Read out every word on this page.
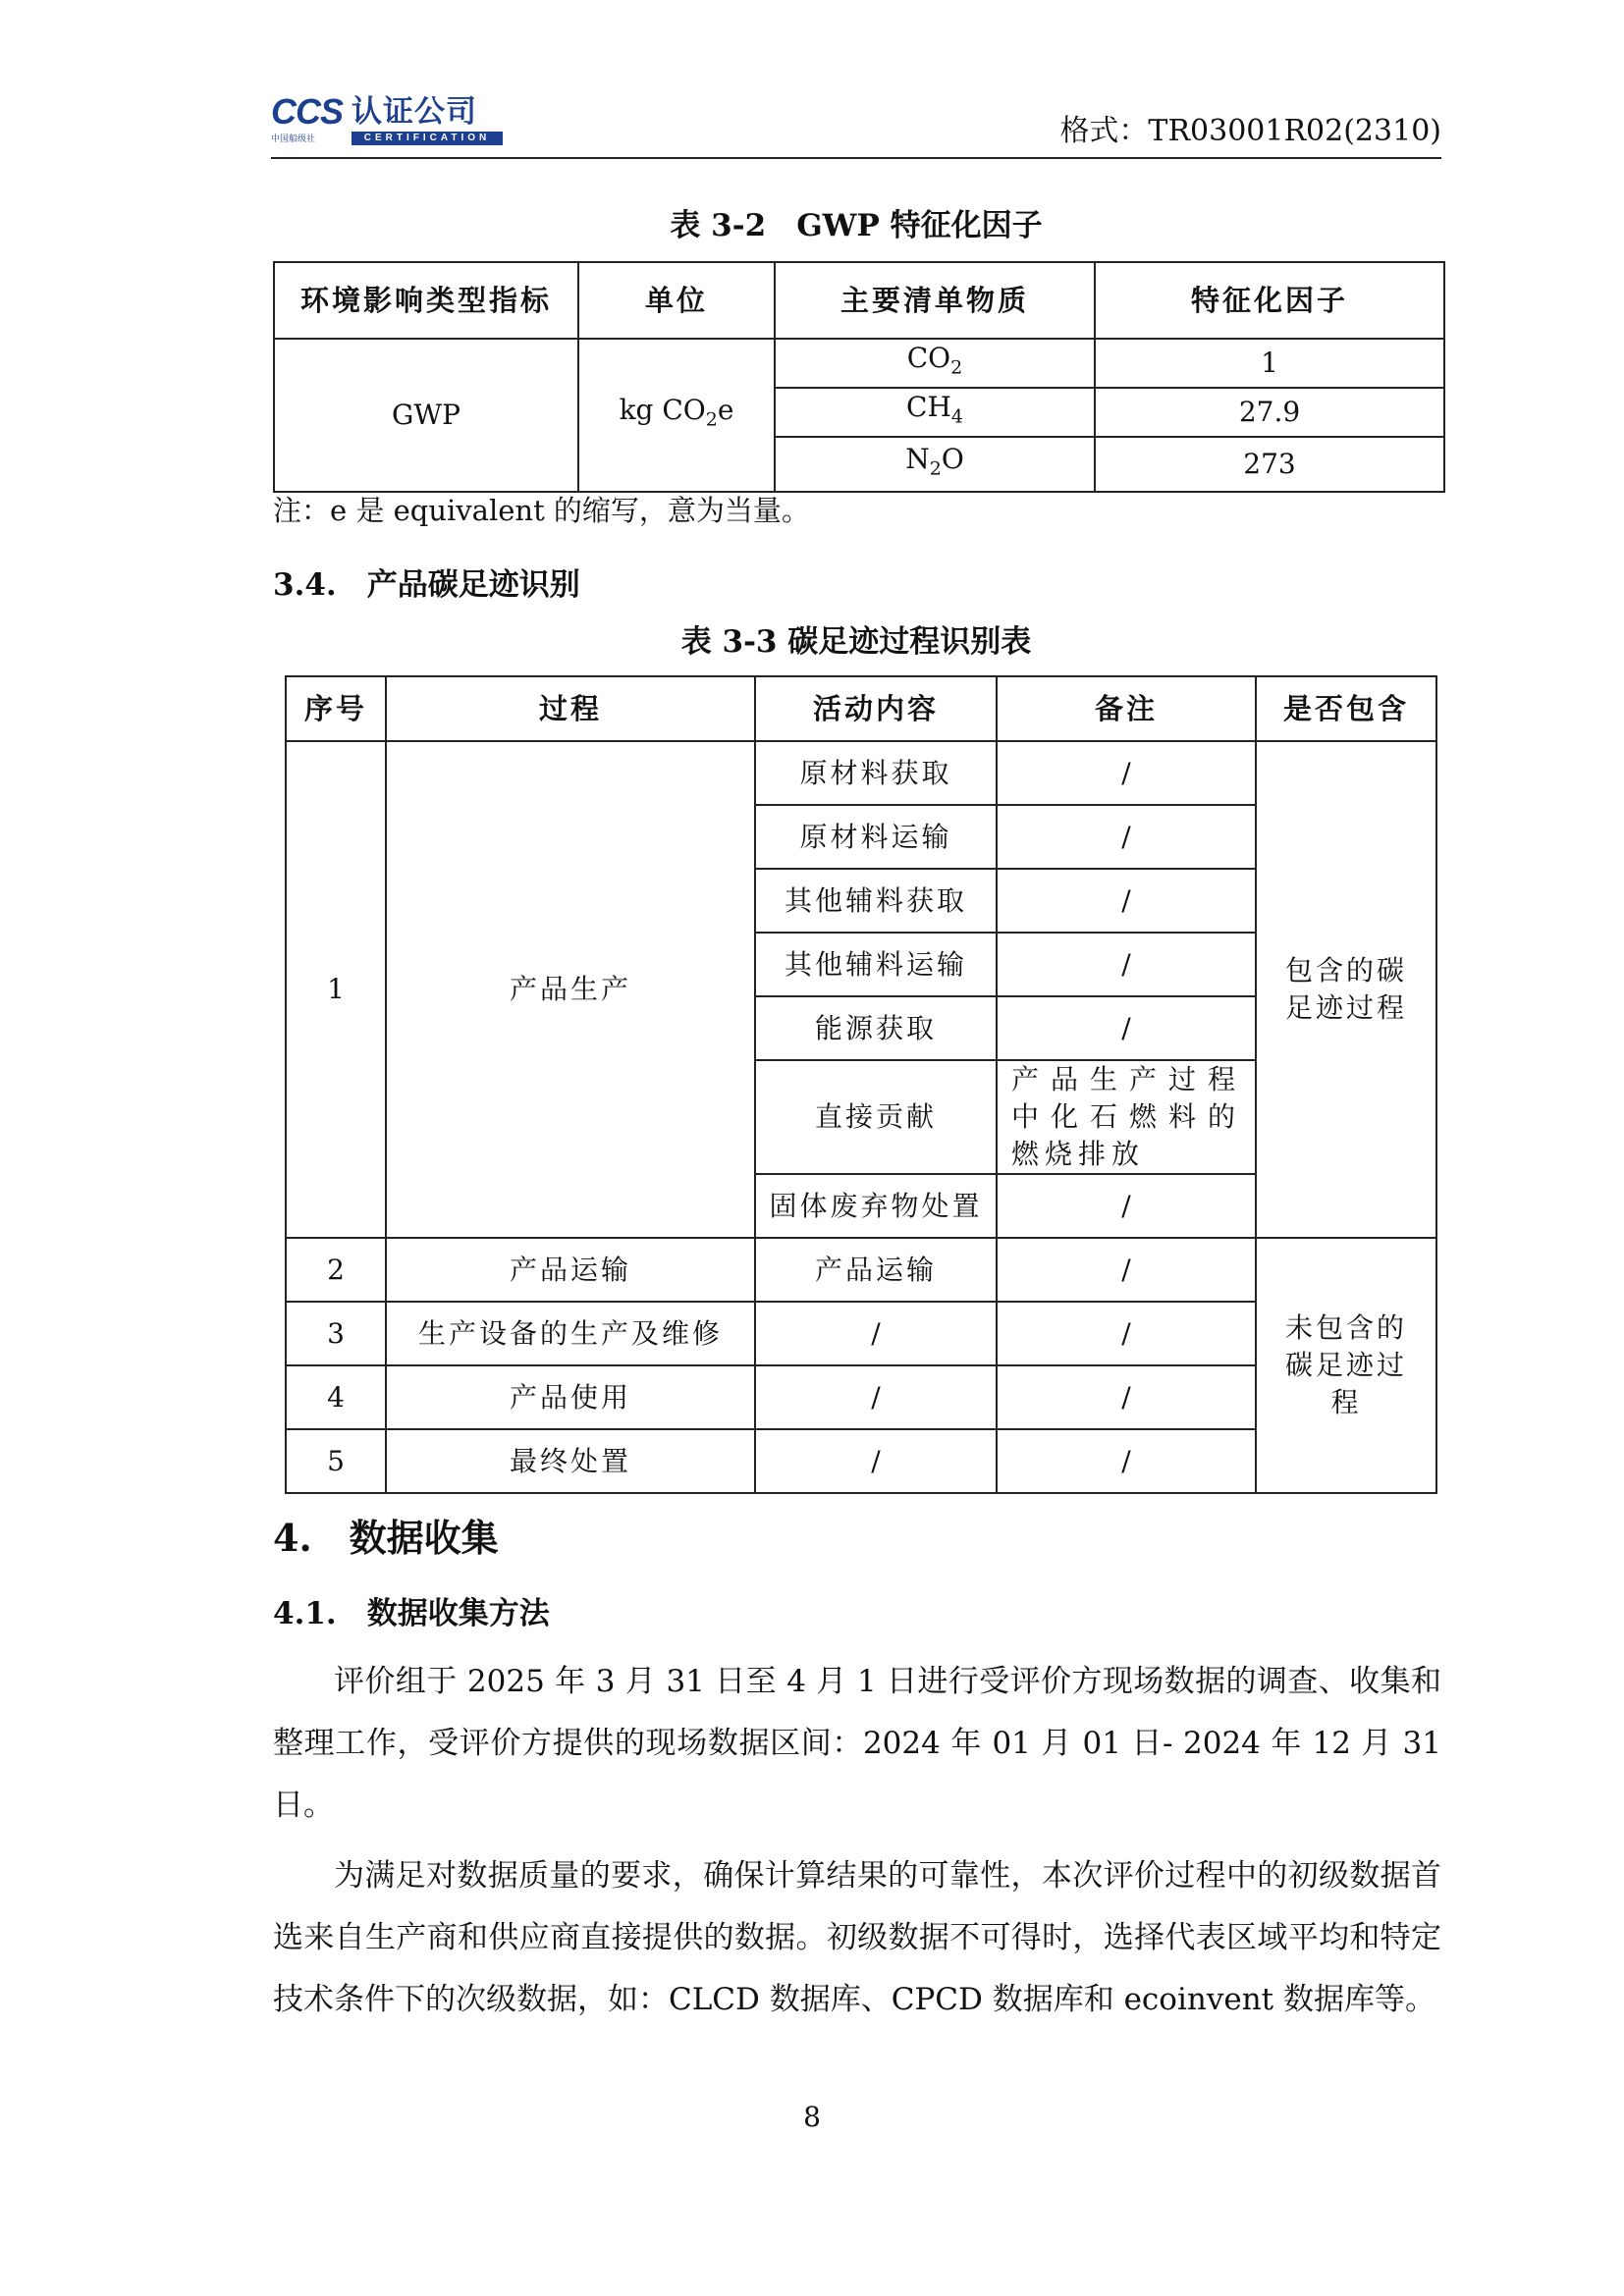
CCS 认证公司
中国船级社	CERTIFICATION	格式：TR03001R02(2310)
表 3-2　GWP 特征化因子
环境影响类型指标	单位	主要清单物质	特征化因子
GWP	kg $CO_2e$	$CO_2$	1
		$CH_4$	27.9
		$N_2O$	273
注：e 是 equivalent 的缩写，意为当量。
3.4.　产品碳足迹识别
表 3-3 碳足迹过程识别表
序号	过程	活动内容	备注	是否包含
1	产品生产	原材料获取	/	包含的碳足迹过程
		原材料运输	/	
		其他辅料获取	/	
		其他辅料运输	/	
		能源获取	/	
		直接贡献	产品生产过程中化石燃料的燃烧排放	
		固体废弃物处置	/	
2	产品运输	产品运输	/	未包含的碳足迹过程
3	生产设备的生产及维修	/	/	
4	产品使用	/	/	
5	最终处置	/	/	
4.　数据收集
4.1.　数据收集方法
评价组于 2025 年 3 月 31 日至 4 月 1 日进行受评价方现场数据的调查、收集和整理工作，受评价方提供的现场数据区间：2024 年 01 月 01 日- 2024 年 12 月 31 日。
为满足对数据质量的要求，确保计算结果的可靠性，本次评价过程中的初级数据首选来自生产商和供应商直接提供的数据。初级数据不可得时，选择代表区域平均和特定技术条件下的次级数据，如：CLCD 数据库、CPCD 数据库和 ecoinvent 数据库等。
8
